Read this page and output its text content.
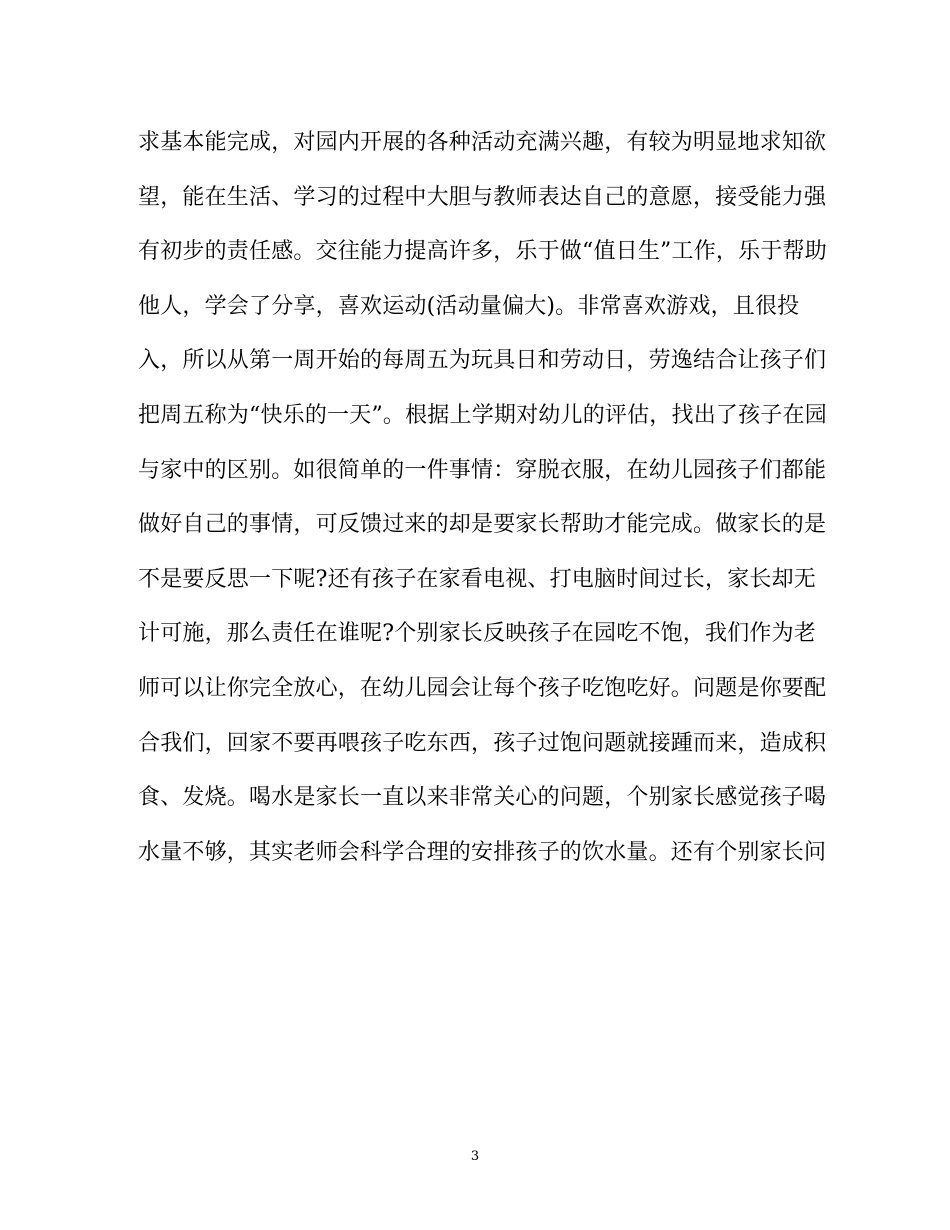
求基本能完成，对园内开展的各种活动充满兴趣，有较为明显地求知欲
望，能在生活、学习的过程中大胆与教师表达自己的意愿，接受能力强
有初步的责任感。交往能力提高许多，乐于做“值日生”工作，乐于帮助
他人，学会了分享，喜欢运动(活动量偏大)。非常喜欢游戏，且很投
入，所以从第一周开始的每周五为玩具日和劳动日，劳逸结合让孩子们
把周五称为“快乐的一天”。根据上学期对幼儿的评估，找出了孩子在园
与家中的区别。如很简单的一件事情：穿脱衣服，在幼儿园孩子们都能
做好自己的事情，可反馈过来的却是要家长帮助才能完成。做家长的是
不是要反思一下呢?还有孩子在家看电视、打电脑时间过长，家长却无
计可施，那么责任在谁呢?个别家长反映孩子在园吃不饱，我们作为老
师可以让你完全放心，在幼儿园会让每个孩子吃饱吃好。问题是你要配
合我们，回家不要再喂孩子吃东西，孩子过饱问题就接踵而来，造成积
食、发烧。喝水是家长一直以来非常关心的问题，个别家长感觉孩子喝
水量不够，其实老师会科学合理的安排孩子的饮水量。还有个别家长问
3
